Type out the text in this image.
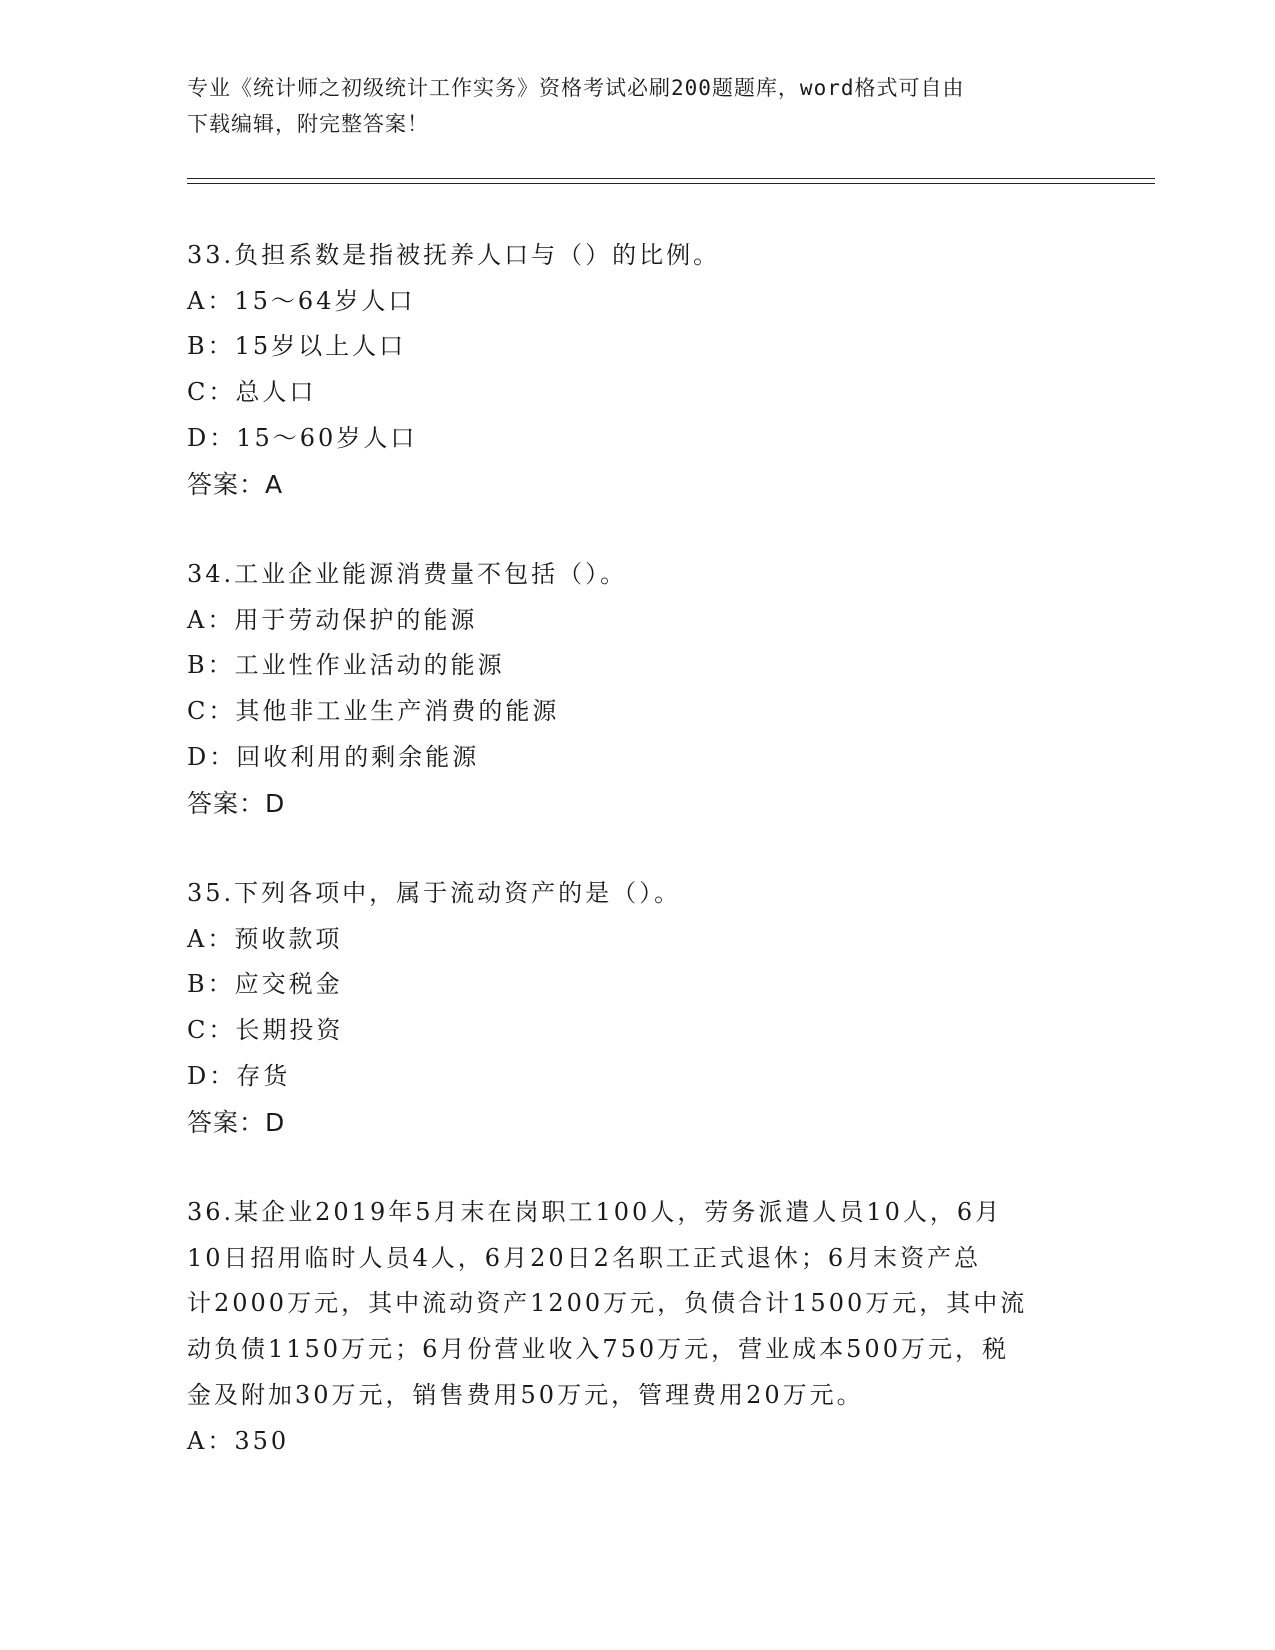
专业《统计师之初级统计工作实务》资格考试必刷200题题库，word格式可自由
下载编辑，附完整答案！

33.负担系数是指被抚养人口与（）的比例。

A：15～64岁人口

B：15岁以上人口

C：总人口

D：15～60岁人口

答案：A

34.工业企业能源消费量不包括（）。

A：用于劳动保护的能源

B：工业性作业活动的能源

C：其他非工业生产消费的能源

D：回收利用的剩余能源

答案：D

35.下列各项中，属于流动资产的是（）。

A：预收款项

B：应交税金

C：长期投资

D：存货

答案：D

36.某企业2019年5月末在岗职工100人，劳务派遣人员10人，6月

10日招用临时人员4人，6月20日2名职工正式退休；6月末资产总

计2000万元，其中流动资产1200万元，负债合计1500万元，其中流

动负债1150万元；6月份营业收入750万元，营业成本500万元，税

金及附加30万元，销售费用50万元，管理费用20万元。

A：350
